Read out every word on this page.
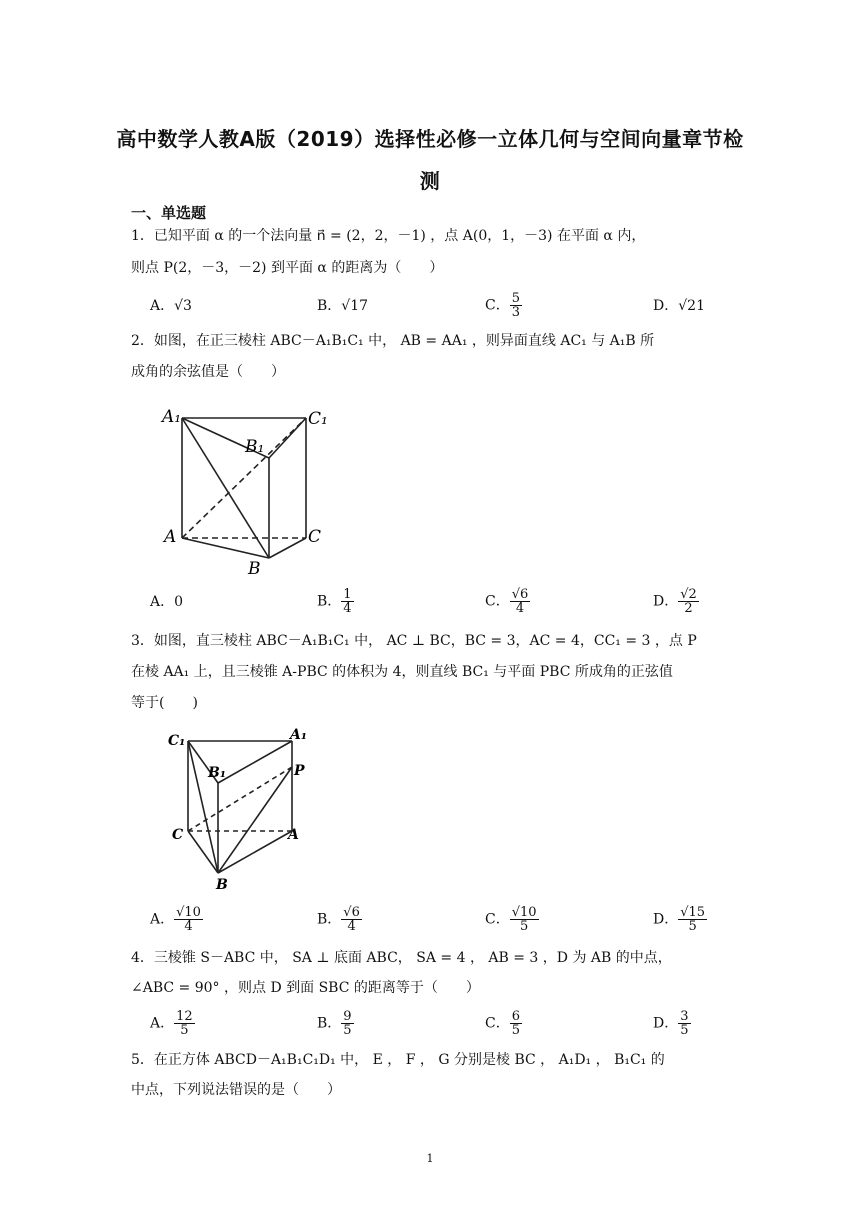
高中数学人教A版（2019）选择性必修一立体几何与空间向量章节检
测
一、单选题
1．已知平面 α 的一个法向量 n⃗ = (2，2，－1) ，点 A(0，1，－3) 在平面 α 内，
则点 P(2，－3，－2) 到平面 α 的距离为（　　）
A．√3	B．√17	C． $\frac{5}{3}$	D．√21
2．如图，在正三棱柱 ABC－A₁B₁C₁ 中， AB = AA₁ ，则异面直线 AC₁ 与 A₁B 所
成角的余弦值是（　　）
A₁	C₁
B₁
A	C
B
A．0	B． $\frac{1}{4}$	C． $\frac{√6}{4}$	D． $\frac{√2}{2}$
3．如图，直三棱柱 ABC－A₁B₁C₁ 中， AC ⊥ BC，BC = 3，AC = 4，CC₁ = 3 ，点 P
在棱 AA₁ 上，且三棱锥 A-PBC 的体积为 4，则直线 BC₁ 与平面 PBC 所成角的正弦值
等于(　　)
C₁	A₁
B₁	P
C	A
B
A． $\frac{√10}{4}$	B． $\frac{√6}{4}$	C． $\frac{√10}{5}$	D． $\frac{√15}{5}$
4．三棱锥 S－ABC 中， SA ⊥ 底面 ABC， SA = 4 ， AB = 3 ，D 为 AB 的中点，
∠ABC = 90° ，则点 D 到面 SBC 的距离等于（　　）
A． $\frac{12}{5}$	B． $\frac{9}{5}$	C． $\frac{6}{5}$	D． $\frac{3}{5}$
5．在正方体 ABCD－A₁B₁C₁D₁ 中， E ， F ， G 分别是棱 BC ， A₁D₁ ， B₁C₁ 的
中点，下列说法错误的是（　　）
1
